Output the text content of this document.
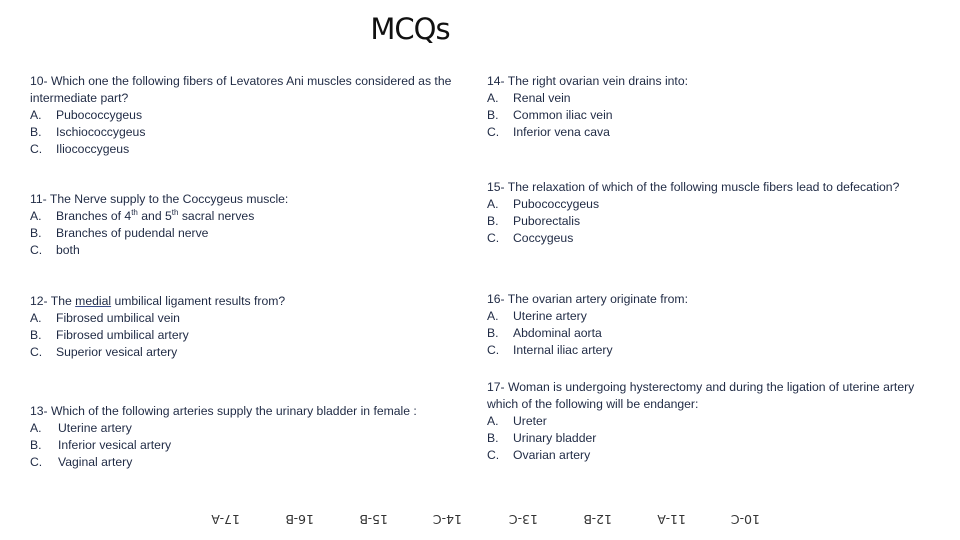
MCQs
10- Which one the following fibers of Levatores Ani muscles considered as the intermediate part?
A.	Pubococcygeus
B.	Ischiococcygeus
C.	Iliococcygeus
11- The Nerve supply to the Coccygeus muscle:
A.	Branches of 4th and 5th sacral nerves
B.	Branches of pudendal nerve
C.	both
12- The medial umbilical ligament results from?
A.	Fibrosed umbilical vein
B.	Fibrosed umbilical artery
C.	Superior vesical artery
13- Which of the following arteries supply the urinary bladder in female :
A.	Uterine artery
B.	Inferior vesical artery
C.	Vaginal artery
14- The right ovarian vein drains into:
A.	Renal vein
B.	Common iliac vein
C.	Inferior vena cava
15- The relaxation of which of the following muscle fibers lead to defecation?
A.	Pubococcygeus
B.	Puborectalis
C.	Coccygeus
16- The ovarian artery originate from:
A.	Uterine artery
B.	Abdominal aorta
C.	Internal iliac artery
17- Woman is undergoing hysterectomy and during the ligation of uterine artery which of the following will be endanger:
A.	Ureter
B.	Urinary bladder
C.	Ovarian artery
10-C
11-A
12-B
13-C
14-C
15-B
16-B
17-A
